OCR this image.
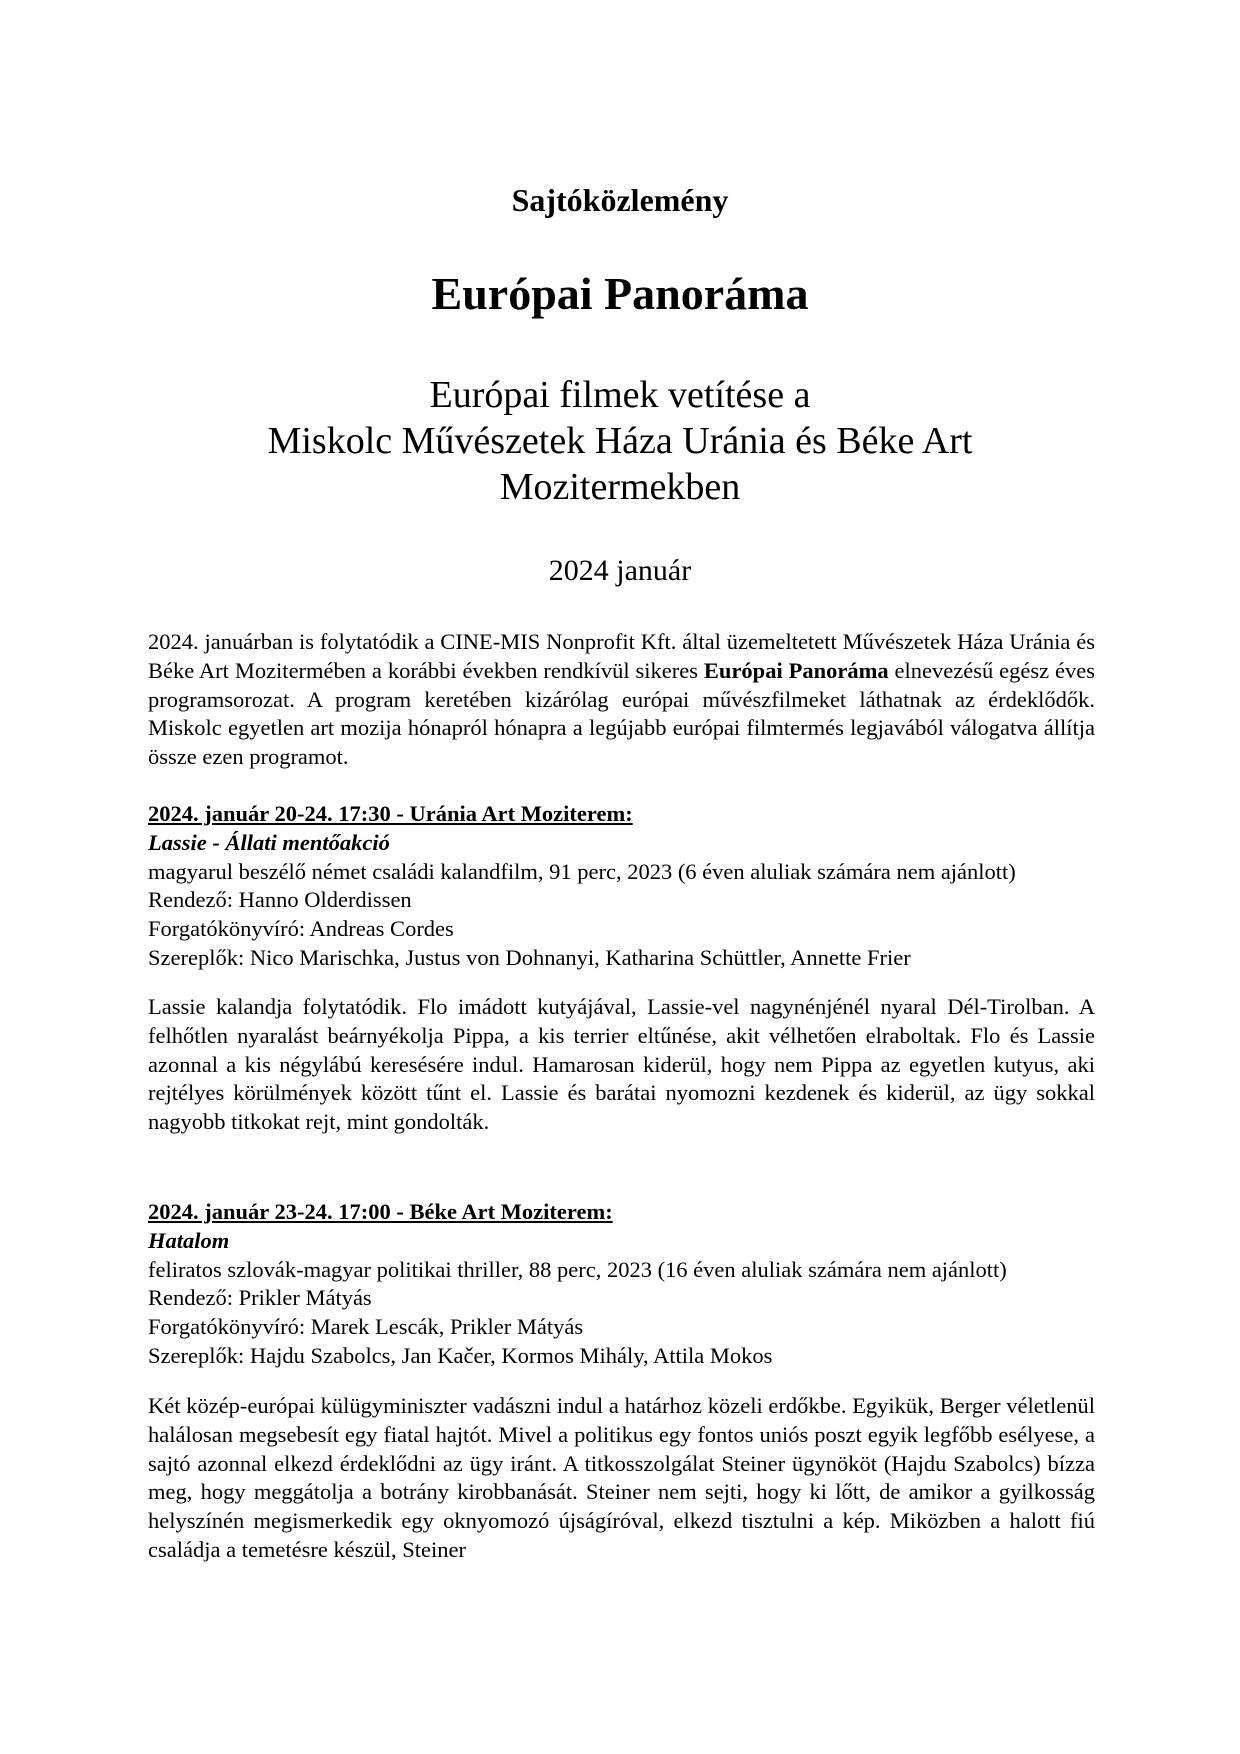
Sajtóközlemény
Európai Panoráma
Európai filmek vetítése a
Miskolc Művészetek Háza Uránia és Béke Art
Mozitermekben
2024 január

2024. januárban is folytatódik a CINE-MIS Nonprofit Kft. által üzemeltetett Művészetek Háza Uránia és Béke Art Mozitermében a korábbi években rendkívül sikeres Európai Panoráma elnevezésű egész éves programsorozat. A program keretében kizárólag európai művészfilmeket láthatnak az érdeklődők. Miskolc egyetlen art mozija hónapról hónapra a legújabb európai filmtermés legjavából válogatva állítja össze ezen programot.

2024. január 20-24. 17:30 - Uránia Art Moziterem:

Lassie - Állati mentőakció

magyarul beszélő német családi kalandfilm, 91 perc, 2023 (6 éven aluliak számára nem ajánlott)

Rendező: Hanno Olderdissen

Forgatókönyvíró: Andreas Cordes

Szereplők: Nico Marischka, Justus von Dohnanyi, Katharina Schüttler, Annette Frier

Lassie kalandja folytatódik. Flo imádott kutyájával, Lassie-vel nagynénjénél nyaral Dél-Tirolban. A felhőtlen nyaralást beárnyékolja Pippa, a kis terrier eltűnése, akit vélhetően elraboltak. Flo és Lassie azonnal a kis négylábú keresésére indul. Hamarosan kiderül, hogy nem Pippa az egyetlen kutyus, aki rejtélyes körülmények között tűnt el. Lassie és barátai nyomozni kezdenek és kiderül, az ügy sokkal nagyobb titkokat rejt, mint gondolták.

2024. január 23-24. 17:00 - Béke Art Moziterem:

Hatalom

feliratos szlovák-magyar politikai thriller, 88 perc, 2023 (16 éven aluliak számára nem ajánlott)

Rendező: Prikler Mátyás

Forgatókönyvíró: Marek Lescák, Prikler Mátyás

Szereplők: Hajdu Szabolcs, Jan Kačer, Kormos Mihály, Attila Mokos

Két közép-európai külügyminiszter vadászni indul a határhoz közeli erdőkbe. Egyikük, Berger véletlenül halálosan megsebesít egy fiatal hajtót. Mivel a politikus egy fontos uniós poszt egyik legfőbb esélyese, a sajtó azonnal elkezd érdeklődni az ügy iránt. A titkosszolgálat Steiner ügynököt (Hajdu Szabolcs) bízza meg, hogy meggátolja a botrány kirobbanását. Steiner nem sejti, hogy ki lőtt, de amikor a gyilkosság helyszínén megismerkedik egy oknyomozó újságíróval, elkezd tisztulni a kép. Miközben a halott fiú családja a temetésre készül, Steiner
